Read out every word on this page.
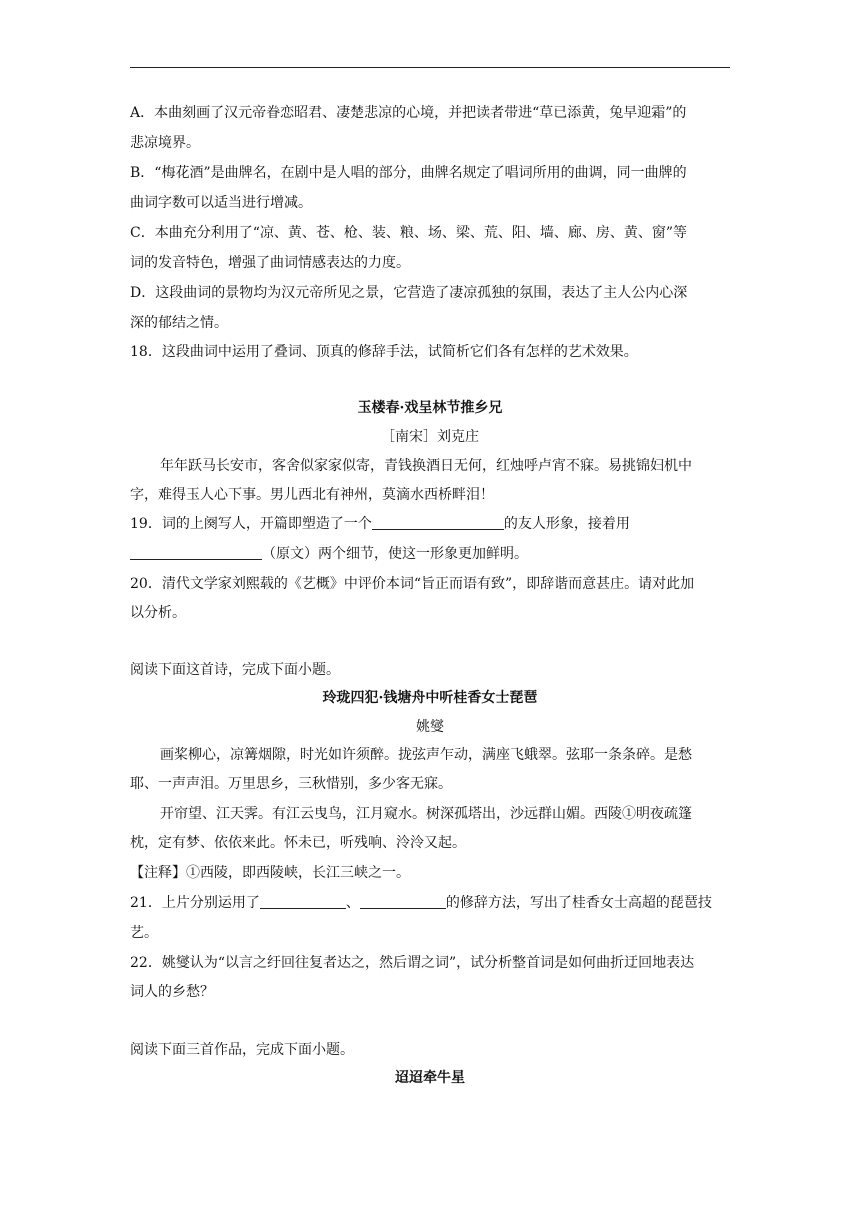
A．本曲刻画了汉元帝眷恋昭君、凄楚悲凉的心境，并把读者带进“草已添黄，兔早迎霜”的
悲凉境界。
B．“梅花酒”是曲牌名，在剧中是人唱的部分，曲牌名规定了唱词所用的曲调，同一曲牌的
曲词字数可以适当进行增减。
C．本曲充分利用了“凉、黄、苍、枪、装、粮、场、梁、荒、阳、墙、廊、房、黄、窗”等
词的发音特色，增强了曲词情感表达的力度。
D．这段曲词的景物均为汉元帝所见之景，它营造了凄凉孤独的氛围，表达了主人公内心深
深的郁结之情。
18．这段曲词中运用了叠词、顶真的修辞手法，试简析它们各有怎样的艺术效果。
玉楼春·戏呈林节推乡兄
［南宋］刘克庄
年年跃马长安市，客舍似家家似寄，青钱换酒日无何，红烛呼卢宵不寐。易挑锦妇机中
字，难得玉人心下事。男儿西北有神州，莫滴水西桥畔泪！
19．词的上阕写人，开篇即塑造了一个	的友人形象，接着用
（原文）两个细节，使这一形象更加鲜明。
20．清代文学家刘熙载的《艺概》中评价本词“旨正而语有致”，即辞谐而意甚庄。请对此加
以分析。
阅读下面这首诗，完成下面小题。
玲珑四犯·钱塘舟中听桂香女士琵琶
姚燮
画桨柳心，凉篝烟隙，时光如许须醉。拢弦声乍动，满座飞蛾翠。弦耶一条条碎。是愁
耶、一声声泪。万里思乡，三秋惜别，多少客无寐。
开帘望、江天霁。有江云曳鸟，江月窥水。树深孤塔出，沙远群山媚。西陵①明夜疏篷
枕，定有梦、依依来此。怀未已，听残响、泠泠又起。
【注释】①西陵，即西陵峡，长江三峡之一。
21．上片分别运用了	、	的修辞方法，写出了桂香女士高超的琵琶技
艺。
22．姚燮认为“以言之纡回往复者达之，然后谓之词”，试分析整首词是如何曲折迂回地表达
词人的乡愁？
阅读下面三首作品，完成下面小题。
迢迢牵牛星
